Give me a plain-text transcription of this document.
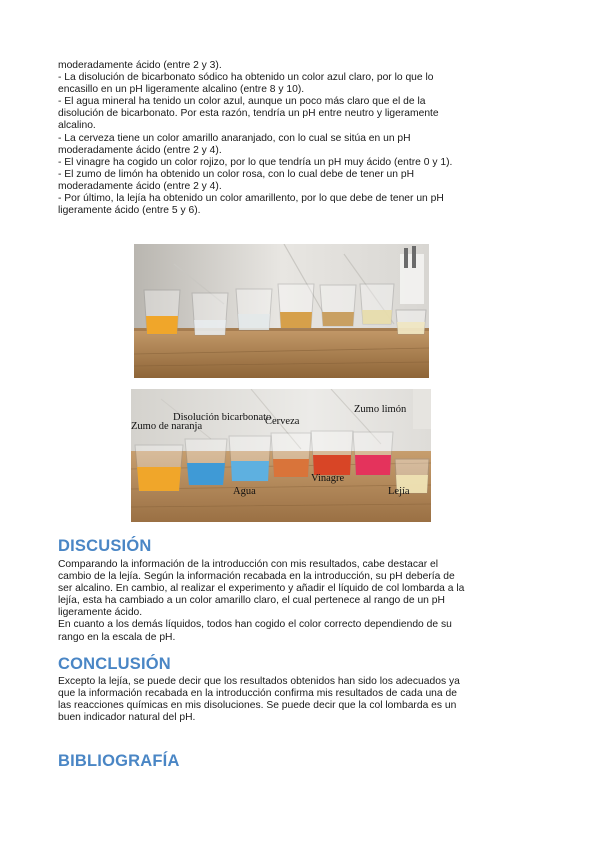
moderadamente ácido (entre 2 y 3).
- La disolución de bicarbonato sódico ha obtenido un color azul claro, por lo que lo
encasillo en un pH ligeramente alcalino (entre 8 y 10).
- El agua mineral ha tenido un color azul, aunque un poco más claro que el de la
disolución de bicarbonato. Por esta razón, tendría un pH entre neutro y ligeramente
alcalino.
- La cerveza tiene un color amarillo anaranjado, con lo cual se sitúa en un pH
moderadamente ácido (entre 2 y 4).
- El vinagre ha cogido un color rojizo, por lo que tendría un pH muy ácido (entre 0 y 1).
- El zumo de limón ha obtenido un color rosa, con lo cual debe de tener un pH
moderadamente ácido (entre 2 y 4).
- Por último, la lejía ha obtenido un color amarillento, por lo que debe de tener un pH
ligeramente ácido (entre 5 y 6).
Disolución bicarbonato
Zumo de naranja	Cerveza
Zumo limón
Agua
Vinagre
Lejía
DISCUSIÓN
Comparando la información de la introducción con mis resultados, cabe destacar el
cambio de la lejía. Según la información recabada en la introducción, su pH debería de
ser alcalino. En cambio, al realizar el experimento y añadir el líquido de col lombarda a la
lejía, esta ha cambiado a un color amarillo claro, el cual pertenece al rango de un pH
ligeramente ácido.
En cuanto a los demás líquidos, todos han cogido el color correcto dependiendo de su
rango en la escala de pH.
CONCLUSIÓN
Excepto la lejía, se puede decir que los resultados obtenidos han sido los adecuados ya
que la información recabada en la introducción confirma mis resultados de cada una de
las reacciones químicas en mis disoluciones. Se puede decir que la col lombarda es un
buen indicador natural del pH.
BIBLIOGRAFÍA
